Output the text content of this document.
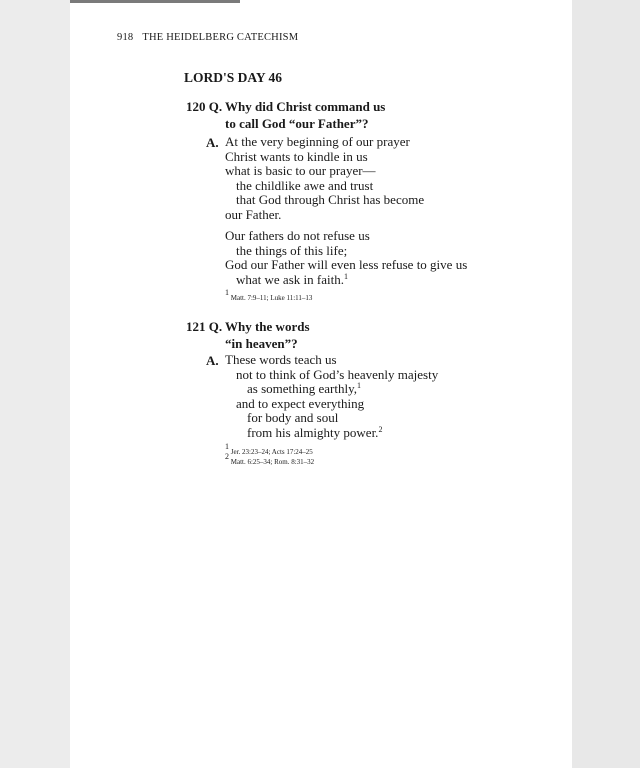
918 THE HEIDELBERG CATECHISM
LORD'S DAY 46
120 Q. Why did Christ command us
to call God “our Father”?
A. At the very beginning of our prayer
Christ wants to kindle in us
what is basic to our prayer—
the childlike awe and trust
that God through Christ has become
our Father.
Our fathers do not refuse us
the things of this life;
God our Father will even less refuse to give us
what we ask in faith.$^1$
$^1$ Matt. 7:9–11; Luke 11:11–13
121 Q. Why the words
“in heaven”?
A. These words teach us
not to think of God’s heavenly majesty
as something earthly,$^1$
and to expect everything
for body and soul
from his almighty power.$^2$
$^1$ Jer. 23:23–24; Acts 17:24–25
$^2$ Matt. 6:25–34; Rom. 8:31–32
